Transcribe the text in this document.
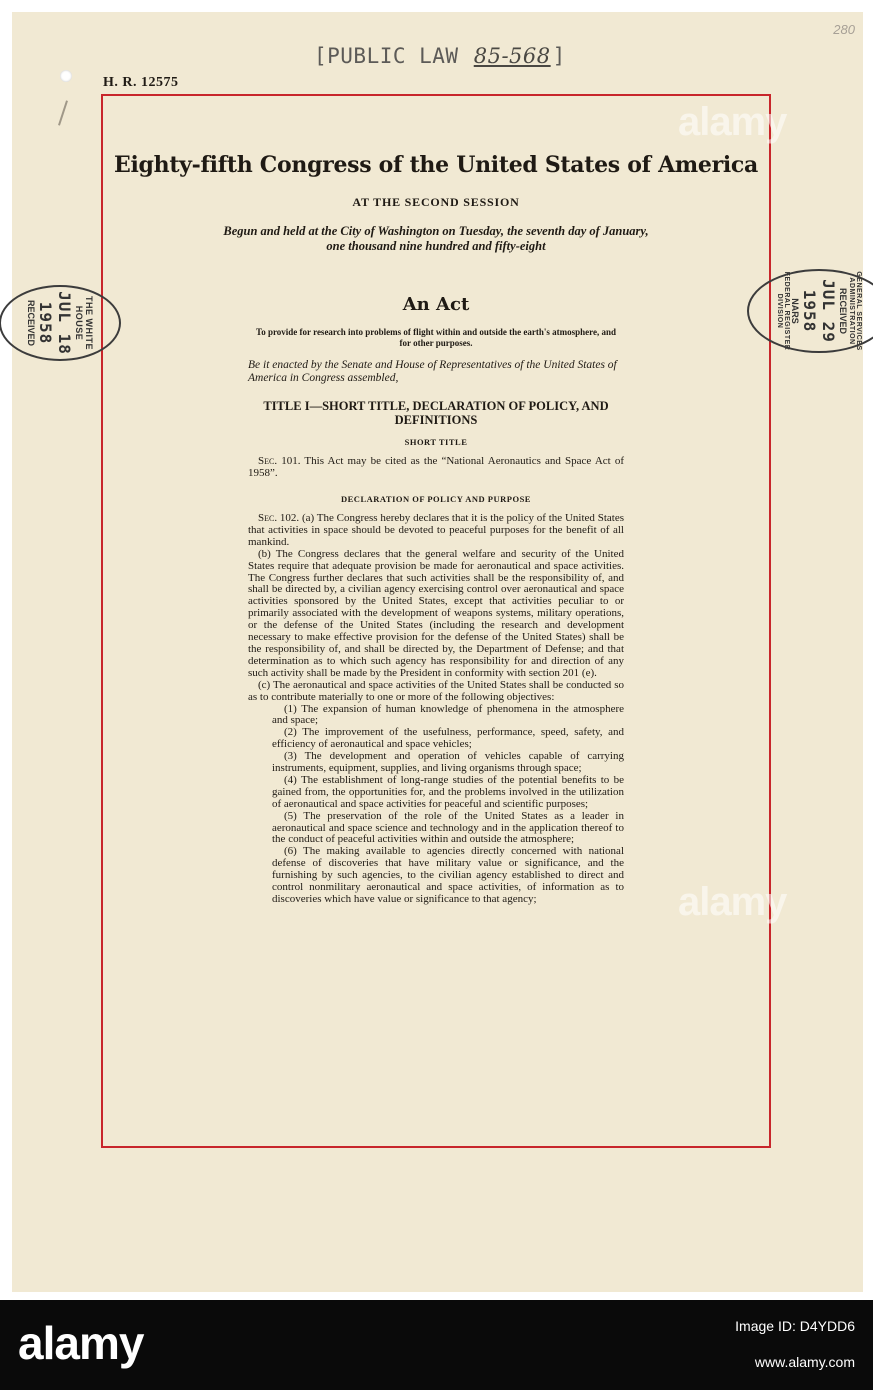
280
[PUBLIC LAW 85-568]
H. R. 12575
Eighty-fifth Congress of the United States of America
AT THE SECOND SESSION
Begun and held at the City of Washington on Tuesday, the seventh day of January,
one thousand nine hundred and fifty-eight
An Act
To provide for research into problems of flight within and outside the earth's atmosphere, and for other purposes.
Be it enacted by the Senate and House of Representatives of the United States of America in Congress assembled,
TITLE I—SHORT TITLE, DECLARATION OF POLICY, AND DEFINITIONS
SHORT TITLE
Sec. 101. This Act may be cited as the “National Aeronautics and Space Act of 1958”.
DECLARATION OF POLICY AND PURPOSE

Sec. 102. (a) The Congress hereby declares that it is the policy of the United States that activities in space should be devoted to peaceful purposes for the benefit of all mankind.

(b) The Congress declares that the general welfare and security of the United States require that adequate provision be made for aeronautical and space activities. The Congress further declares that such activities shall be the responsibility of, and shall be directed by, a civilian agency exercising control over aeronautical and space activities sponsored by the United States, except that activities peculiar to or primarily associated with the development of weapons systems, military operations, or the defense of the United States (including the research and development necessary to make effective provision for the defense of the United States) shall be the responsibility of, and shall be directed by, the Department of Defense; and that determination as to which such agency has responsibility for and direction of any such activity shall be made by the President in conformity with section 201 (e).

(c) The aeronautical and space activities of the United States shall be conducted so as to contribute materially to one or more of the following objectives:

(1) The expansion of human knowledge of phenomena in the atmosphere and space;

(2) The improvement of the usefulness, performance, speed, safety, and efficiency of aeronautical and space vehicles;

(3) The development and operation of vehicles capable of carrying instruments, equipment, supplies, and living organisms through space;

(4) The establishment of long-range studies of the potential benefits to be gained from, the opportunities for, and the problems involved in the utilization of aeronautical and space activities for peaceful and scientific purposes;

(5) The preservation of the role of the United States as a leader in aeronautical and space science and technology and in the application thereof to the conduct of peaceful activities within and outside the atmosphere;

(6) The making available to agencies directly concerned with national defense of discoveries that have military value or significance, and the furnishing by such agencies, to the civilian agency established to direct and control nonmilitary aeronautical and space activities, of information as to discoveries which have value or significance to that agency;

THE WHITE HOUSE
JUL 18 1958
RECEIVED	GENERAL SERVICES ADMINISTRATION
RECEIVED
JUL 29 1958
NARS
FEDERAL REGISTER DIVISION
alamy
alamy
alamy	Image ID: D4YDD6
www.alamy.com
